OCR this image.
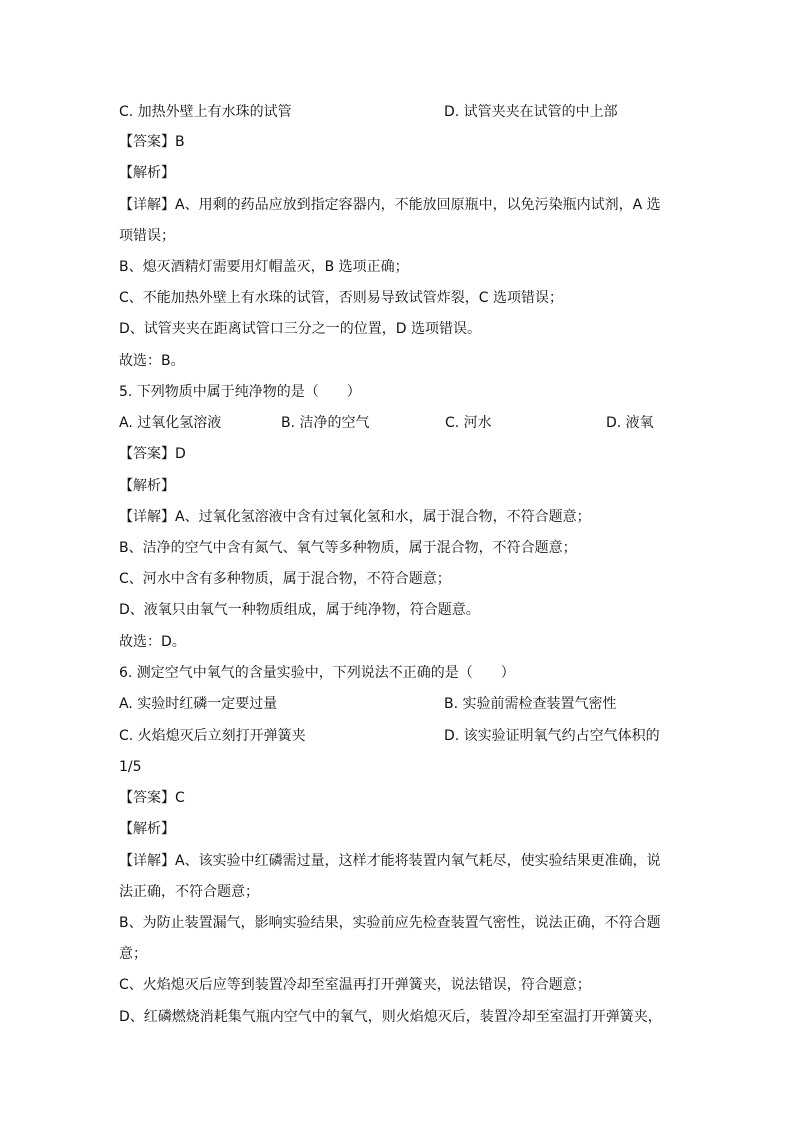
C. 加热外壁上有水珠的试管	D. 试管夹夹在试管的中上部
【答案】B
【解析】
【详解】A、用剩的药品应放到指定容器内，不能放回原瓶中，以免污染瓶内试剂，A 选
项错误；
B、熄灭酒精灯需要用灯帽盖灭，B 选项正确；
C、不能加热外壁上有水珠的试管，否则易导致试管炸裂，C 选项错误；
D、试管夹夹在距离试管口三分之一的位置，D 选项错误。
故选：B。
5. 下列物质中属于纯净物的是（　　）
A. 过氧化氢溶液	B. 洁净的空气	C. 河水	D. 液氧
【答案】D
【解析】
【详解】A、过氧化氢溶液中含有过氧化氢和水，属于混合物，不符合题意；
B、洁净的空气中含有氮气、氧气等多种物质，属于混合物，不符合题意；
C、河水中含有多种物质，属于混合物，不符合题意；
D、液氧只由氧气一种物质组成，属于纯净物，符合题意。
故选：D。
6. 测定空气中氧气的含量实验中，下列说法不正确的是（　　）
A. 实验时红磷一定要过量	B. 实验前需检查装置气密性
C. 火焰熄灭后立刻打开弹簧夹	D. 该实验证明氧气约占空气体积的
1/5
【答案】C
【解析】
【详解】A、该实验中红磷需过量，这样才能将装置内氧气耗尽，使实验结果更准确，说
法正确，不符合题意；
B、为防止装置漏气，影响实验结果，实验前应先检查装置气密性，说法正确，不符合题
意；
C、火焰熄灭后应等到装置冷却至室温再打开弹簧夹，说法错误，符合题意；
D、红磷燃烧消耗集气瓶内空气中的氧气，则火焰熄灭后，装置冷却至室温打开弹簧夹，
